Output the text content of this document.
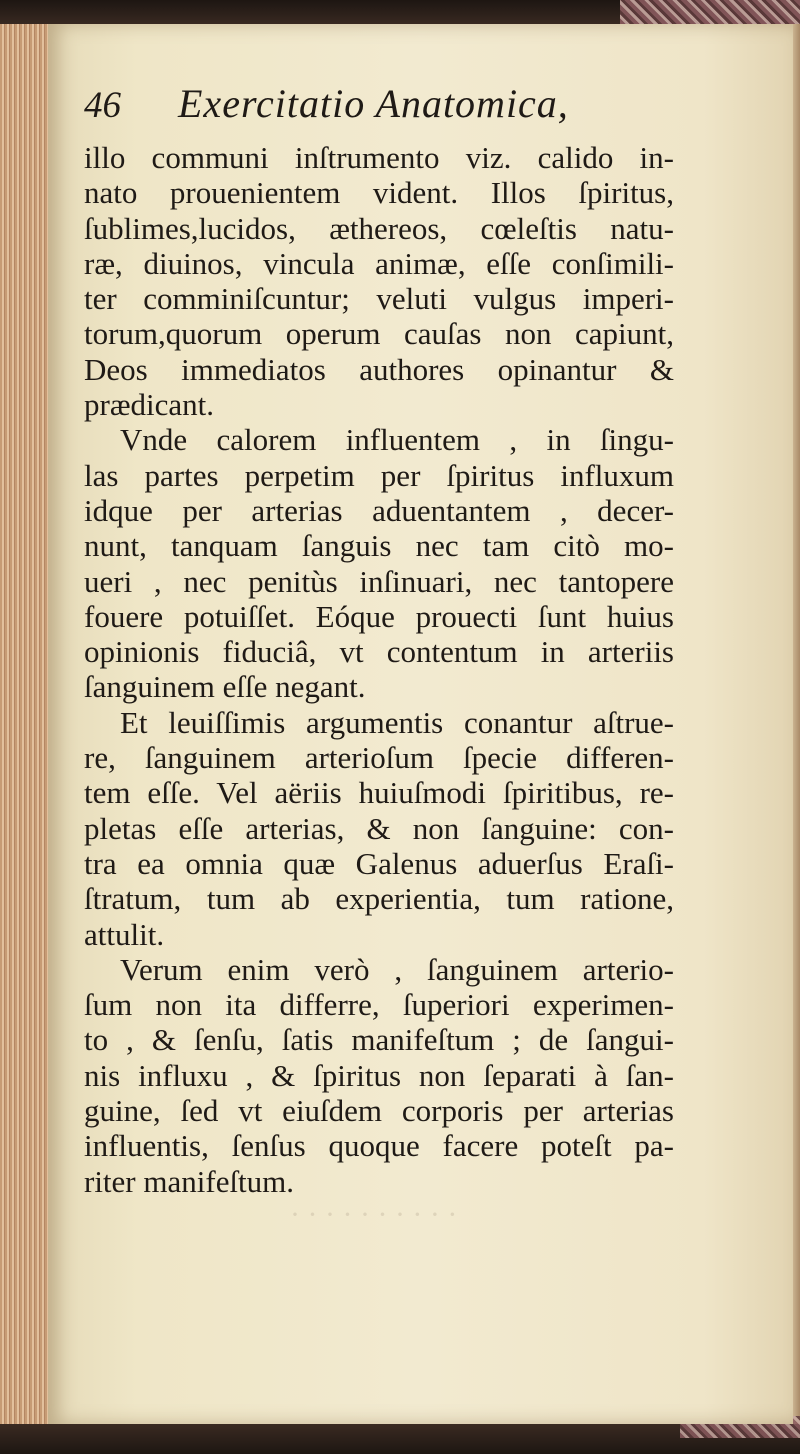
46 Exercitatio Anatomica,
illo communi inſtrumento viz. calido in-
nato prouenientem vident. Illos ſpiritus,
ſublimes,lucidos, æthereos, cœleſtis natu-
ræ, diuinos, vincula animæ, eſſe conſimili-
ter comminiſcuntur; veluti vulgus imperi-
torum,quorum operum cauſas non capiunt,
Deos immediatos authores opinantur &
prædicant.
Vnde calorem influentem , in ſingu-
las partes perpetim per ſpiritus influxum
idque per arterias aduentantem , decer-
nunt, tanquam ſanguis nec tam citò mo-
ueri , nec penitùs inſinuari, nec tantopere
fouere potuiſſet. Eóque prouecti ſunt huius
opinionis fiduciâ, vt contentum in arteriis
ſanguinem eſſe negant.
Et leuiſſimis argumentis conantur aſtrue-
re, ſanguinem arterioſum ſpecie differen-
tem eſſe. Vel aëriis huiuſmodi ſpiritibus, re-
pletas eſſe arterias, & non ſanguine: con-
tra ea omnia quæ Galenus aduerſus Eraſi-
ſtratum, tum ab experientia, tum ratione,
attulit.
Verum enim verò , ſanguinem arterio-
ſum non ita differre, ſuperiori experimen-
to , & ſenſu, ſatis manifeſtum ; de ſangui-
nis influxu , & ſpiritus non ſeparati à ſan-
guine, ſed vt eiuſdem corporis per arterias
influentis, ſenſus quoque facere poteſt pa-
riter manifeſtum.
· · · · · · · · · ·
